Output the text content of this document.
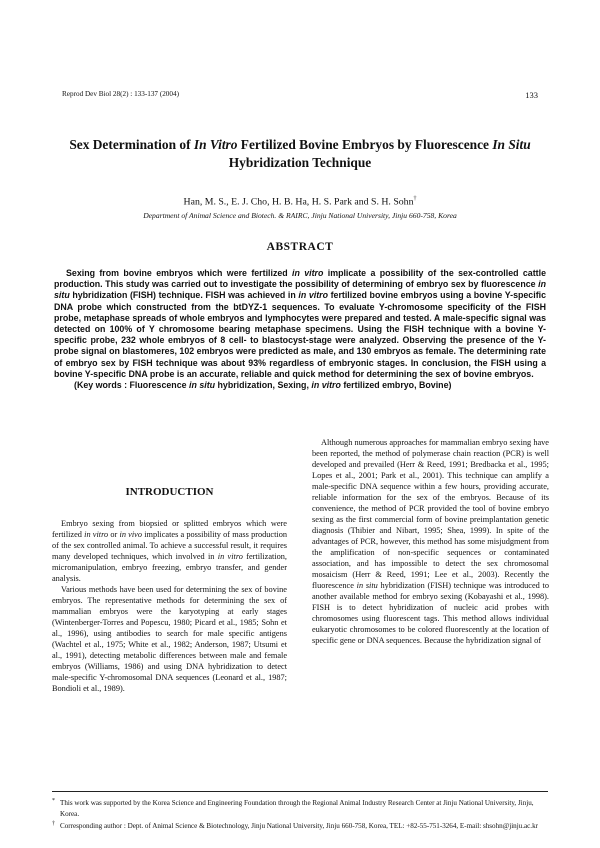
Reprod Dev Biol 28(2) : 133-137 (2004)	133
Sex Determination of In Vitro Fertilized Bovine Embryos by Fluorescence In Situ Hybridization Technique
Han, M. S., E. J. Cho, H. B. Ha, H. S. Park and S. H. Sohn†
Department of Animal Science and Biotech. & RAIRC, Jinju National University, Jinju 660-758, Korea
ABSTRACT

Sexing from bovine embryos which were fertilized in vitro implicate a possibility of the sex-controlled cattle production. This study was carried out to investigate the possibility of determining of embryo sex by fluorescence in situ hybridization (FISH) technique. FISH was achieved in in vitro fertilized bovine embryos using a bovine Y-specific DNA probe which constructed from the btDYZ-1 sequences. To evaluate Y-chromosome specificity of the FISH probe, metaphase spreads of whole embryos and lymphocytes were prepared and tested. A male-specific signal was detected on 100% of Y chromosome bearing metaphase specimens. Using the FISH technique with a bovine Y-specific probe, 232 whole embryos of 8 cell- to blastocyst-stage were analyzed. Observing the presence of the Y-probe signal on blastomeres, 102 embryos were predicted as male, and 130 embryos as female. The determining rate of embryo sex by FISH technique was about 93% regardless of embryonic stages. In conclusion, the FISH using a bovine Y-specific DNA probe is an accurate, reliable and quick method for determining the sex of bovine embryos.

(Key words : Fluorescence in situ hybridization, Sexing, in vitro fertilized embryo, Bovine)

INTRODUCTION

Embryo sexing from biopsied or splitted embryos which were fertilized in vitro or in vivo implicates a possibility of mass production of the sex controlled animal. To achieve a successful result, it requires many developed techniques, which involved in in vitro fertilization, micromanipulation, embryo freezing, embryo transfer, and gender analysis.

Various methods have been used for determining the sex of bovine embryos. The representative methods for determining the sex of mammalian embryos were the karyotyping at early stages (Wintenberger-Torres and Popescu, 1980; Picard et al., 1985; Sohn et al., 1996), using antibodies to search for male specific antigens (Wachtel et al., 1975; White et al., 1982; Anderson, 1987; Utsumi et al., 1991), detecting metabolic differences between male and female embryos (Williams, 1986) and using DNA hybridization to detect male-specific Y-chromosomal DNA sequences (Leonard et al., 1987; Bondioli et al., 1989).

Although numerous approaches for mammalian embryo sexing have been reported, the method of polymerase chain reaction (PCR) is well developed and prevailed (Herr & Reed, 1991; Bredbacka et al., 1995; Lopes et al., 2001; Park et al., 2001). This technique can amplify a male-specific DNA sequence within a few hours, providing accurate, reliable information for the sex of the embryos. Because of its convenience, the method of PCR provided the tool of bovine embryo sexing as the first commercial form of bovine preimplantation genetic diagnosis (Thibier and Nibart, 1995; Shea, 1999). In spite of the advantages of PCR, however, this method has some misjudgment from the amplification of non-specific sequences or contaminated association, and has impossible to detect the sex chromosomal mosaicism (Herr & Reed, 1991; Lee et al., 2003). Recently the fluorescence in situ hybridization (FISH) technique was introduced to another available method for embryo sexing (Kobayashi et al., 1998). FISH is to detect hybridization of nucleic acid probes with chromosomes using fluorescent tags. This method allows individual eukaryotic chromosomes to be colored fluorescently at the location of specific gene or DNA sequences. Because the hybridization signal of

* This work was supported by the Korea Science and Engineering Foundation through the Regional Animal Industry Research Center at Jinju National University, Jinju, Korea.

† Corresponding author : Dept. of Animal Science & Biotechnology, Jinju National University, Jinju 660-758, Korea, TEL: +82-55-751-3264, E-mail: shsohn@jinju.ac.kr
